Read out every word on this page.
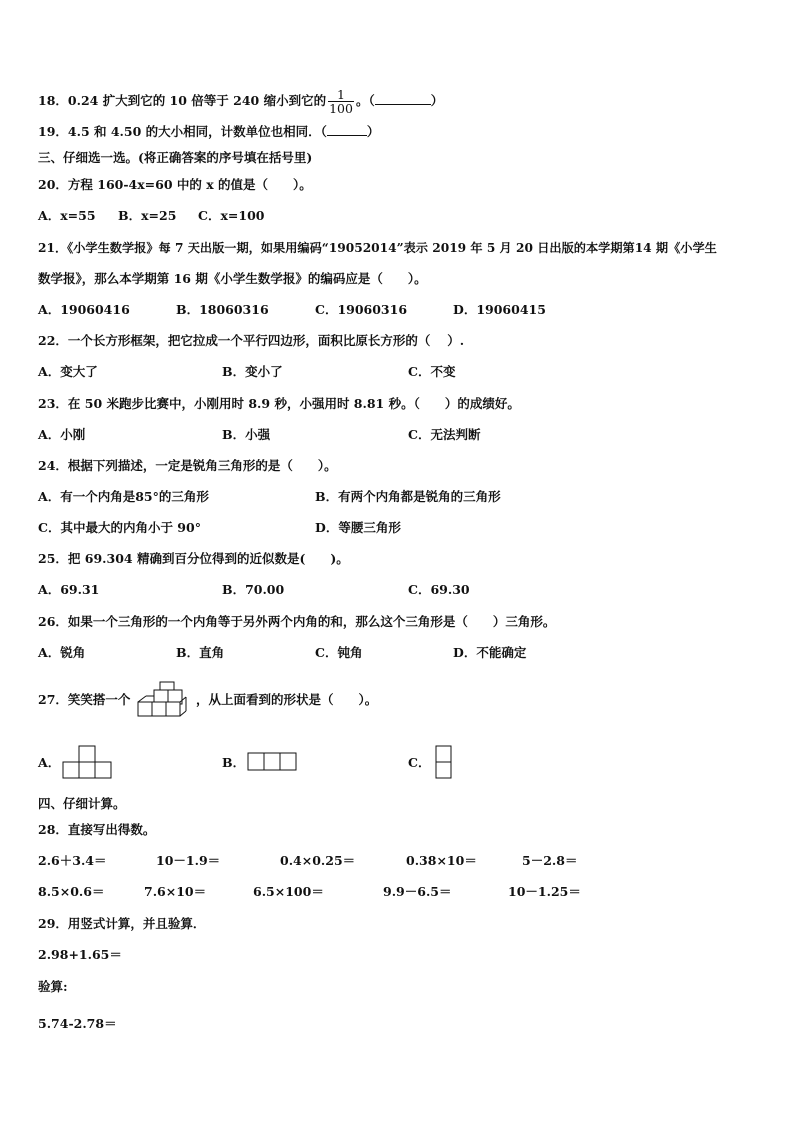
18．0.24 扩大到它的 10 倍等于 240 缩小到它的 $\frac{1}{100}$ 。（	）
19．4.5 和 4.50 的大小相同，计数单位也相同．（	）
三、仔细选一选。(将正确答案的序号填在括号里)
20．方程 160-4x=60 中的 x 的值是（　　）。
A．x=55 B．x=25 C．x=100
21．《小学生数学报》每 7 天出版一期，如果用编码“19052014”表示 2019 年 5 月 20 日出版的本学期第14 期《小学生
数学报》，那么本学期第 16 期《小学生数学报》的编码应是（　　）。
A．19060416	B．18060316	C．19060316	D．19060415
22．一个长方形框架，把它拉成一个平行四边形，面积比原长方形的（　 ）.
A．变大了	B．变小了	C．不变
23．在 50 米跑步比赛中，小刚用时 8.9 秒，小强用时 8.81 秒。（　　）的成绩好。
A．小刚	B．小强	C．无法判断
24．根据下列描述，一定是锐角三角形的是（　　）。
A．有一个内角是85°的三角形	B．有两个内角都是锐角的三角形
C．其中最大的内角小于 90°	D．等腰三角形
25．把 69.304 精确到百分位得到的近似数是(　　)。
A．69.31	B．70.00	C．69.30
26．如果一个三角形的一个内角等于另外两个内角的和，那么这个三角形是（　　）三角形。
A．锐角	B．直角	C．钝角	D．不能确定
27．笑笑搭一个	，从上面看到的形状是（　　）。
A．	B．	C．
四、仔细计算。
28．直接写出得数。
2.6＋3.4＝	10－1.9＝	0.4×0.25＝	0.38×10＝	5－2.8＝
8.5×0.6＝	7.6×10＝	6.5×100＝	9.9－6.5＝	10－1.25＝
29．用竖式计算，并且验算．
2.98+1.65＝
验算:
5.74-2.78＝
